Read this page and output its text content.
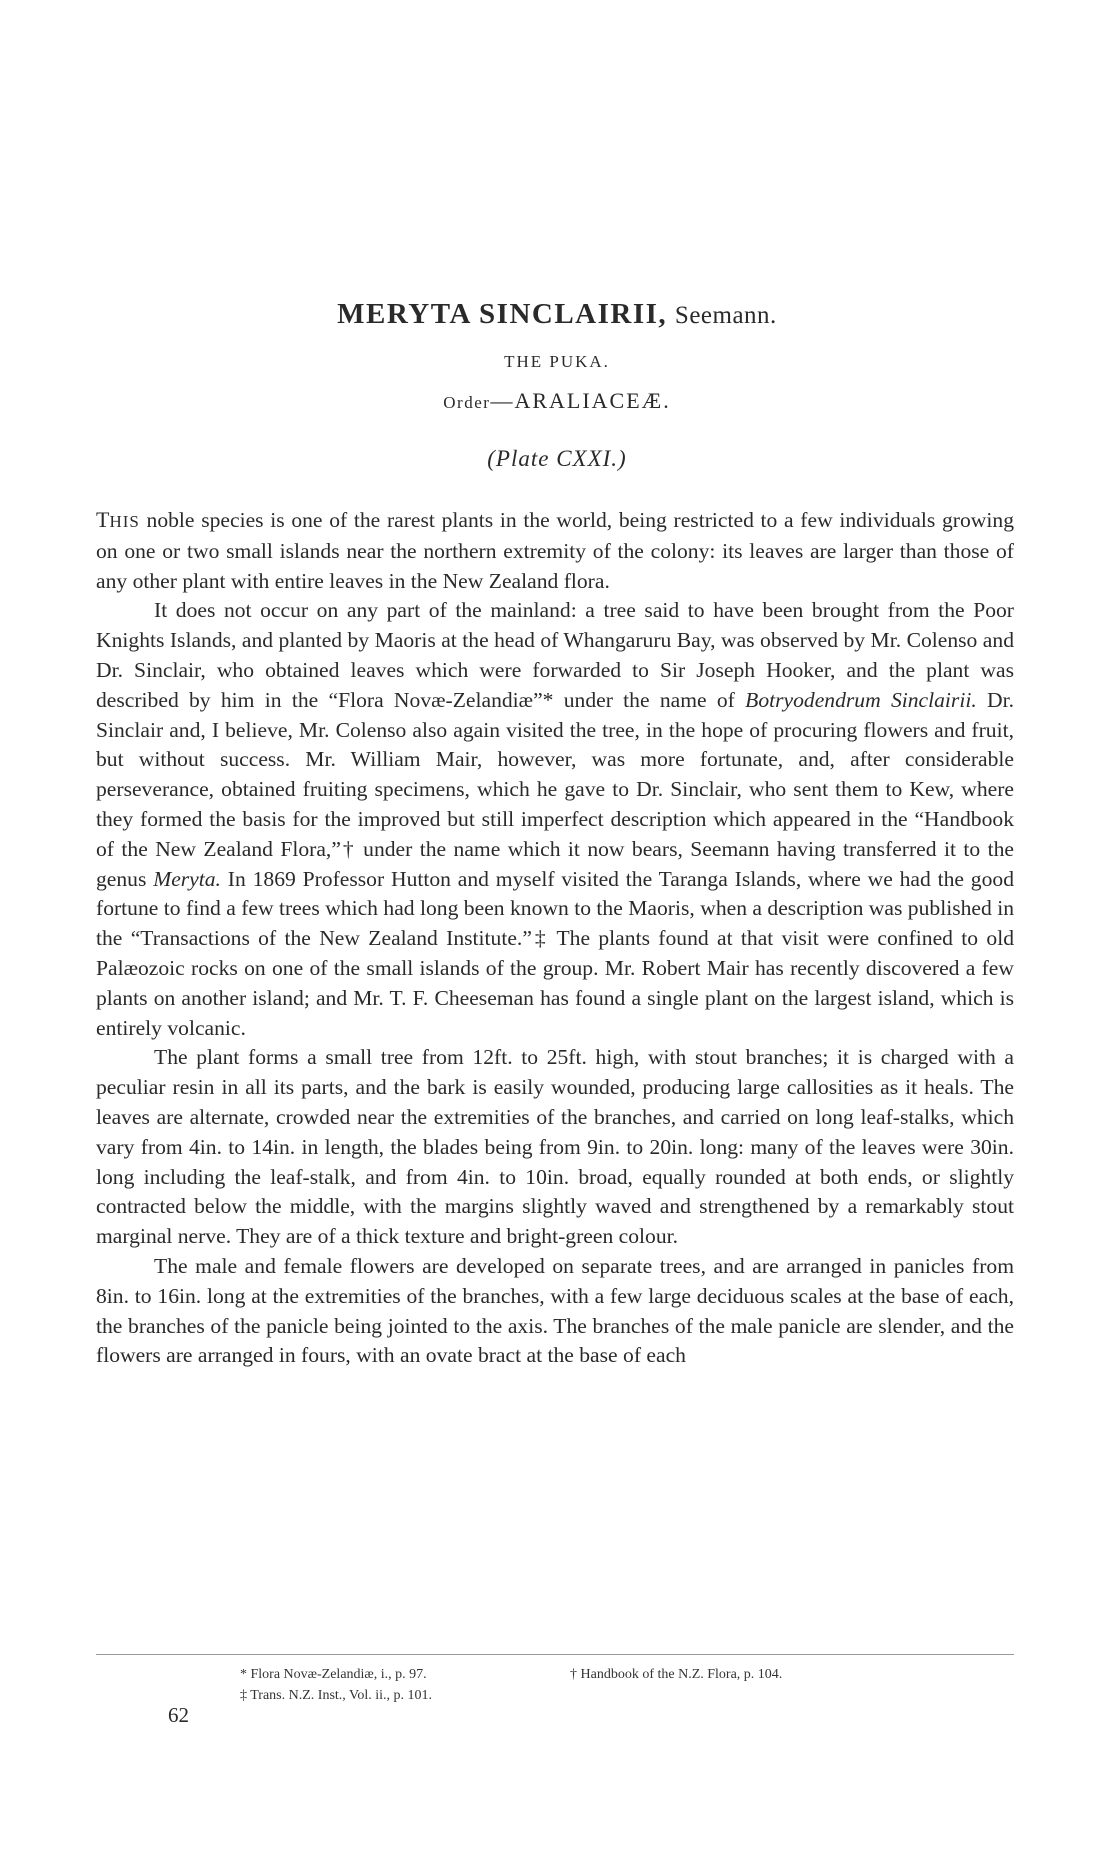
MERYTA SINCLAIRII, Seemann.
THE PUKA.
Order—ARALIACEÆ.
(Plate CXXI.)

THIS noble species is one of the rarest plants in the world, being restricted to a few individuals growing on one or two small islands near the northern extremity of the colony: its leaves are larger than those of any other plant with entire leaves in the New Zealand flora.

It does not occur on any part of the mainland: a tree said to have been brought from the Poor Knights Islands, and planted by Maoris at the head of Whangaruru Bay, was observed by Mr. Colenso and Dr. Sinclair, who obtained leaves which were forwarded to Sir Joseph Hooker, and the plant was described by him in the “Flora Novæ-Zelandiæ”* under the name of Botryodendrum Sinclairii. Dr. Sinclair and, I believe, Mr. Colenso also again visited the tree, in the hope of procuring flowers and fruit, but without success. Mr. William Mair, however, was more fortunate, and, after considerable perseverance, obtained fruiting specimens, which he gave to Dr. Sinclair, who sent them to Kew, where they formed the basis for the improved but still imperfect description which appeared in the “Handbook of the New Zealand Flora,”† under the name which it now bears, Seemann having transferred it to the genus Meryta. In 1869 Professor Hutton and myself visited the Taranga Islands, where we had the good fortune to find a few trees which had long been known to the Maoris, when a description was published in the “Transactions of the New Zealand Institute.”‡ The plants found at that visit were confined to old Palæozoic rocks on one of the small islands of the group. Mr. Robert Mair has recently discovered a few plants on another island; and Mr. T. F. Cheeseman has found a single plant on the largest island, which is entirely volcanic.

The plant forms a small tree from 12ft. to 25ft. high, with stout branches; it is charged with a peculiar resin in all its parts, and the bark is easily wounded, producing large callosities as it heals. The leaves are alternate, crowded near the extremities of the branches, and carried on long leaf-stalks, which vary from 4in. to 14in. in length, the blades being from 9in. to 20in. long: many of the leaves were 30in. long including the leaf-stalk, and from 4in. to 10in. broad, equally rounded at both ends, or slightly contracted below the middle, with the margins slightly waved and strengthened by a remarkably stout marginal nerve. They are of a thick texture and bright-green colour.

The male and female flowers are developed on separate trees, and are arranged in panicles from 8in. to 16in. long at the extremities of the branches, with a few large deciduous scales at the base of each, the branches of the panicle being jointed to the axis. The branches of the male panicle are slender, and the flowers are arranged in fours, with an ovate bract at the base of each

* Flora Novæ-Zelandiæ, i., p. 97.	† Handbook of the N.Z. Flora, p. 104.
‡ Trans. N.Z. Inst., Vol. ii., p. 101.
62
